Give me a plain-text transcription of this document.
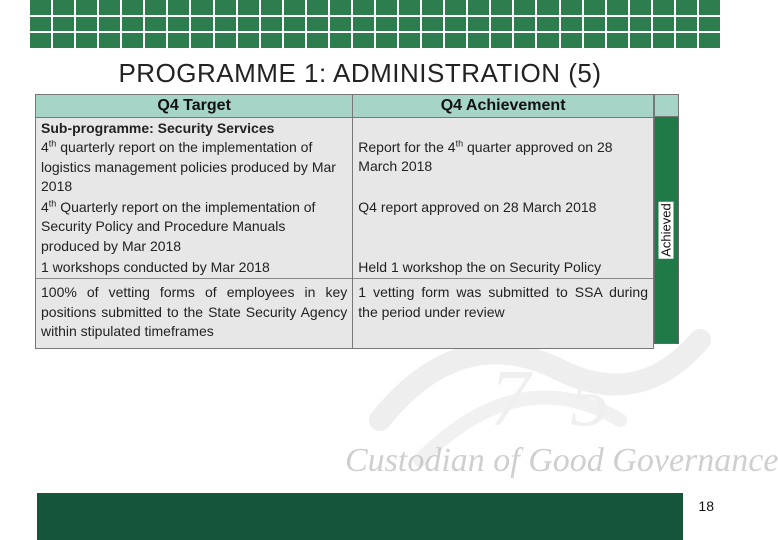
PROGRAMME 1: ADMINISTRATION (5)
7 5
Custodian of Good Governance
Q4 Target	Q4 Achievement

Sub-programme: Security Services
4th quarterly report on the implementation of logistics management policies produced by Mar 2018	Report for the 4th quarter approved on 28 March 2018

4th Quarterly report on the implementation of Security Policy and Procedure Manuals produced by Mar 2018	Q4 report approved on 28 March 2018
1 workshops conducted by Mar 2018	Held 1 workshop the on Security Policy
100% of vetting forms of employees in key positions submitted to the State Security Agency within stipulated timeframes	1 vetting form was submitted to SSA during the period under review
Achieved
18
